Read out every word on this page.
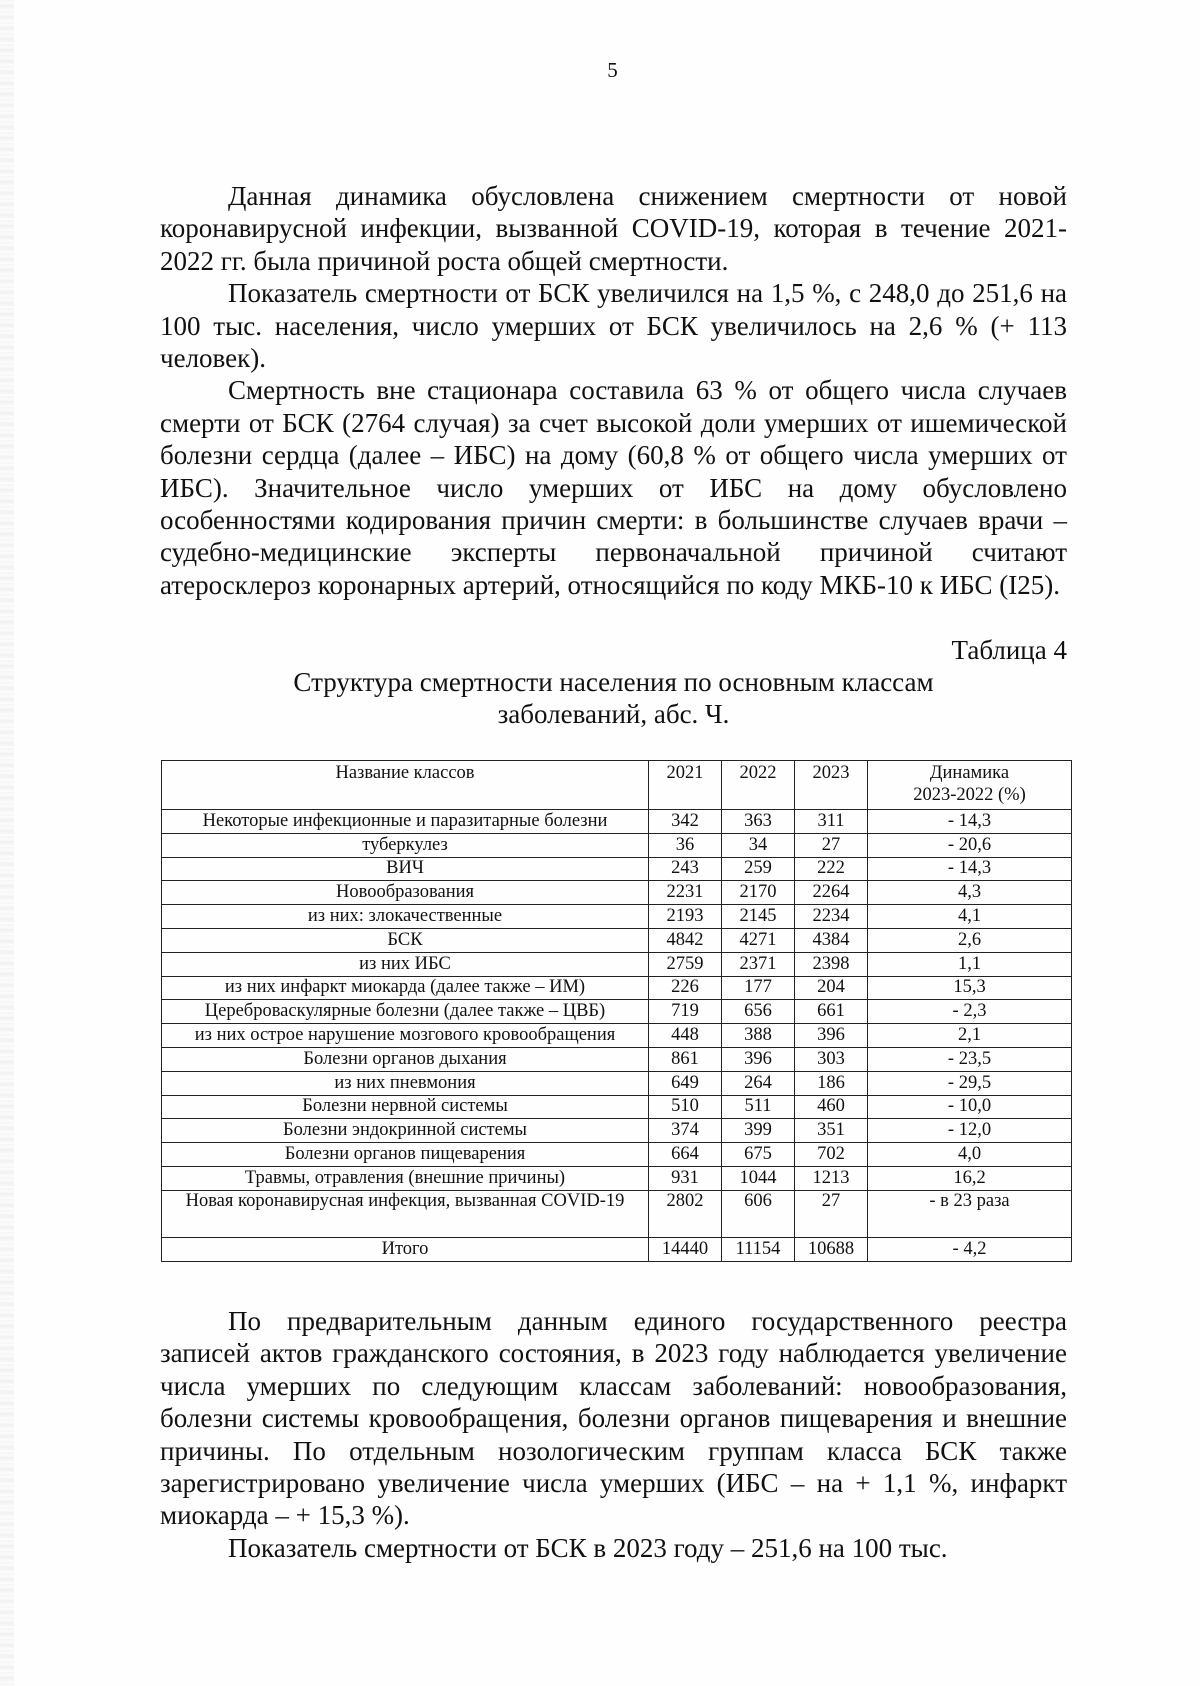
5

Данная динамика обусловлена снижением смертности от новой коронавирусной инфекции, вызванной COVID-19, которая в течение 2021-2022 гг. была причиной роста общей смертности.

Показатель смертности от БСК увеличился на 1,5 %, с 248,0 до 251,6 на 100 тыс. населения, число умерших от БСК увеличилось на 2,6 % (+ 113 человек).

Смертность вне стационара составила 63 % от общего числа случаев смерти от БСК (2764 случая) за счет высокой доли умерших от ишемической болезни сердца (далее – ИБС) на дому (60,8 % от общего числа умерших от ИБС). Значительное число умерших от ИБС на дому обусловлено особенностями кодирования причин смерти: в большинстве случаев врачи – судебно-медицинские эксперты первоначальной причиной считают атеросклероз коронарных артерий, относящийся по коду МКБ-10 к ИБС (I25).

Таблица 4
Структура смертности населения по основным классам
заболеваний, абс. Ч.
Название классов	2021	2022	2023	Динамика
2023-2022 (%)

Некоторые инфекционные и паразитарные болезни	342	363	311	- 14,3
туберкулез	36	34	27	- 20,6
ВИЧ	243	259	222	- 14,3
Новообразования	2231	2170	2264	4,3
из них: злокачественные	2193	2145	2234	4,1
БСК	4842	4271	4384	2,6
из них ИБС	2759	2371	2398	1,1
из них инфаркт миокарда (далее также – ИМ)	226	177	204	15,3
Цереброваскулярные болезни (далее также – ЦВБ)	719	656	661	- 2,3
из них острое нарушение мозгового кровообращения	448	388	396	2,1
Болезни органов дыхания	861	396	303	- 23,5
из них пневмония	649	264	186	- 29,5
Болезни нервной системы	510	511	460	- 10,0
Болезни эндокринной системы	374	399	351	- 12,0
Болезни органов пищеварения	664	675	702	4,0
Травмы, отравления (внешние причины)	931	1044	1213	16,2
Новая коронавирусная инфекция, вызванная COVID-19	2802	606	27	- в 23 раза
Итого	14440	11154	10688	- 4,2

По предварительным данным единого государственного реестра записей актов гражданского состояния, в 2023 году наблюдается увеличение числа умерших по следующим классам заболеваний: новообразования, болезни системы кровообращения, болезни органов пищеварения и внешние причины. По отдельным нозологическим группам класса БСК также зарегистрировано увеличение числа умерших (ИБС – на + 1,1 %, инфаркт миокарда – + 15,3 %).

Показатель смертности от БСК в 2023 году – 251,6 на 100 тыс.
